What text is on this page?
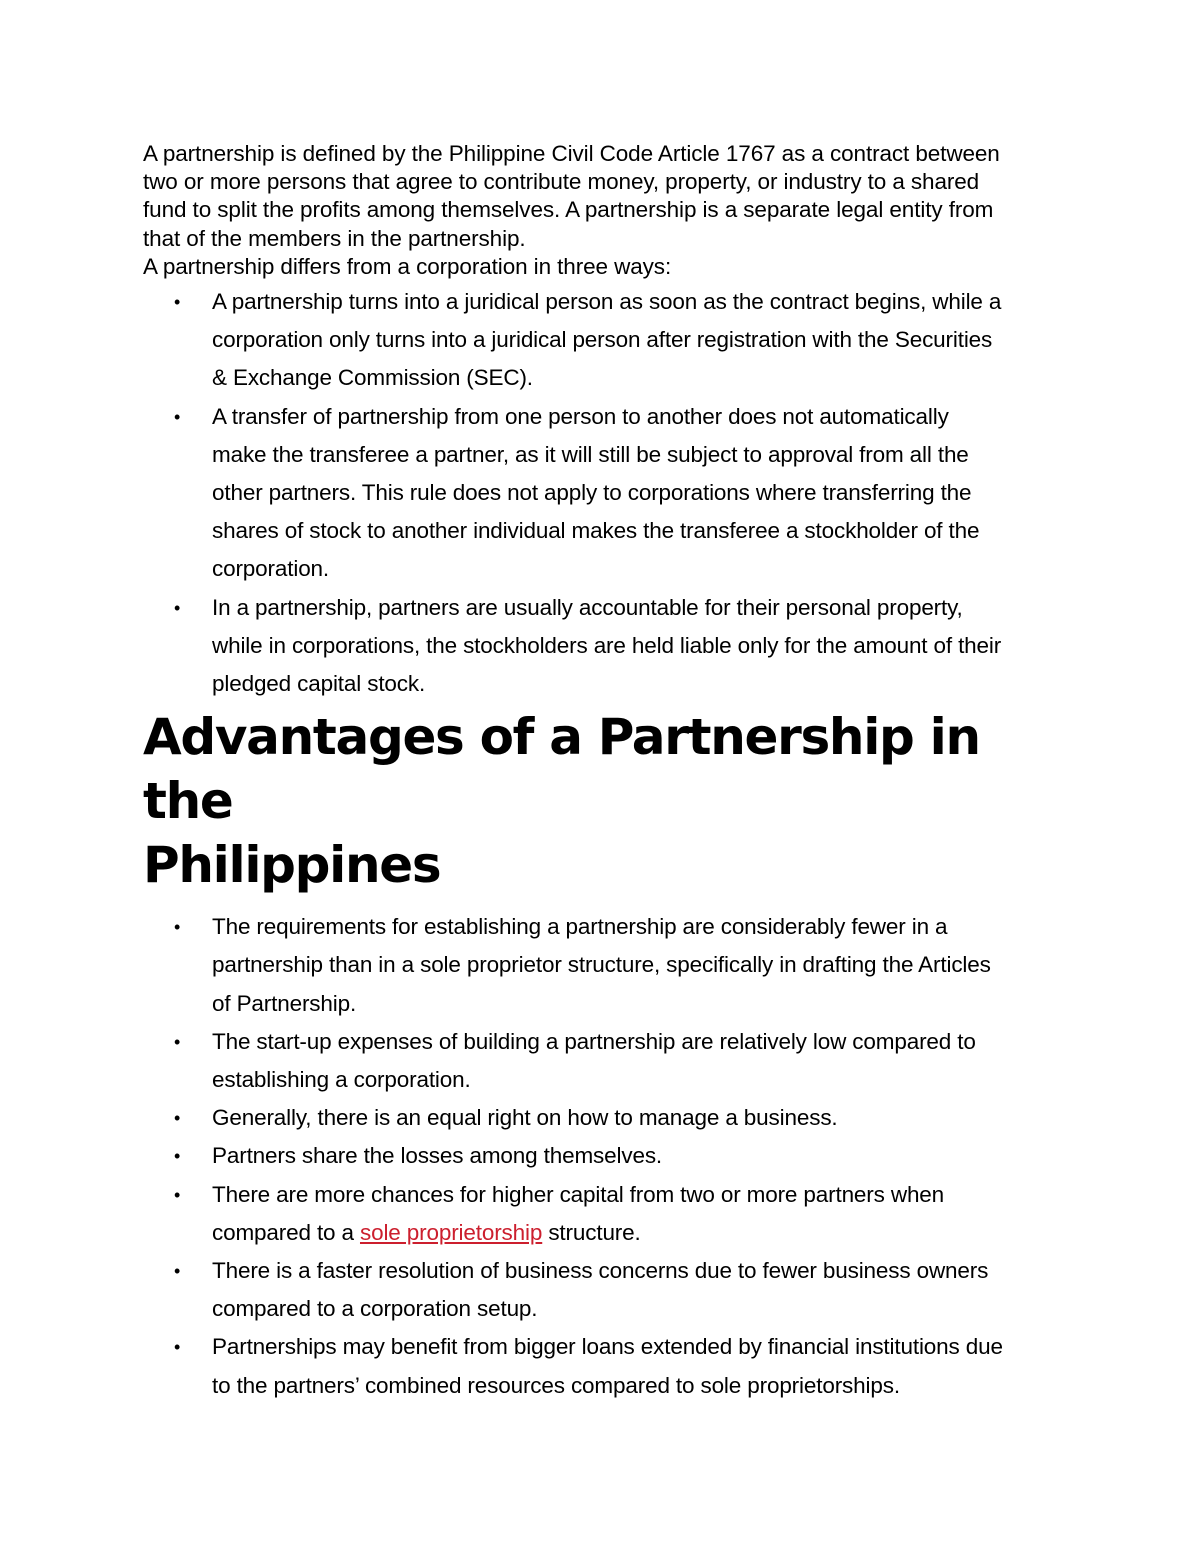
A partnership is defined by the Philippine Civil Code Article 1767 as a contract between
two or more persons that agree to contribute money, property, or industry to a shared
fund to split the profits among themselves. A partnership is a separate legal entity from
that of the members in the partnership.
A partnership differs from a corporation in three ways:

• A partnership turns into a juridical person as soon as the contract begins, while a
corporation only turns into a juridical person after registration with the Securities
& Exchange Commission (SEC).
• A transfer of partnership from one person to another does not automatically
make the transferee a partner, as it will still be subject to approval from all the
other partners. This rule does not apply to corporations where transferring the
shares of stock to another individual makes the transferee a stockholder of the
corporation.
• In a partnership, partners are usually accountable for their personal property,
while in corporations, the stockholders are held liable only for the amount of their
pledged capital stock.
Advantages of a Partnership in the
Philippines
• The requirements for establishing a partnership are considerably fewer in a
partnership than in a sole proprietor structure, specifically in drafting the Articles
of Partnership.
• The start-up expenses of building a partnership are relatively low compared to
establishing a corporation.
• Generally, there is an equal right on how to manage a business.
• Partners share the losses among themselves.
• There are more chances for higher capital from two or more partners when
compared to a sole proprietorship structure.
• There is a faster resolution of business concerns due to fewer business owners
compared to a corporation setup.
• Partnerships may benefit from bigger loans extended by financial institutions due
to the partners’ combined resources compared to sole proprietorships.
